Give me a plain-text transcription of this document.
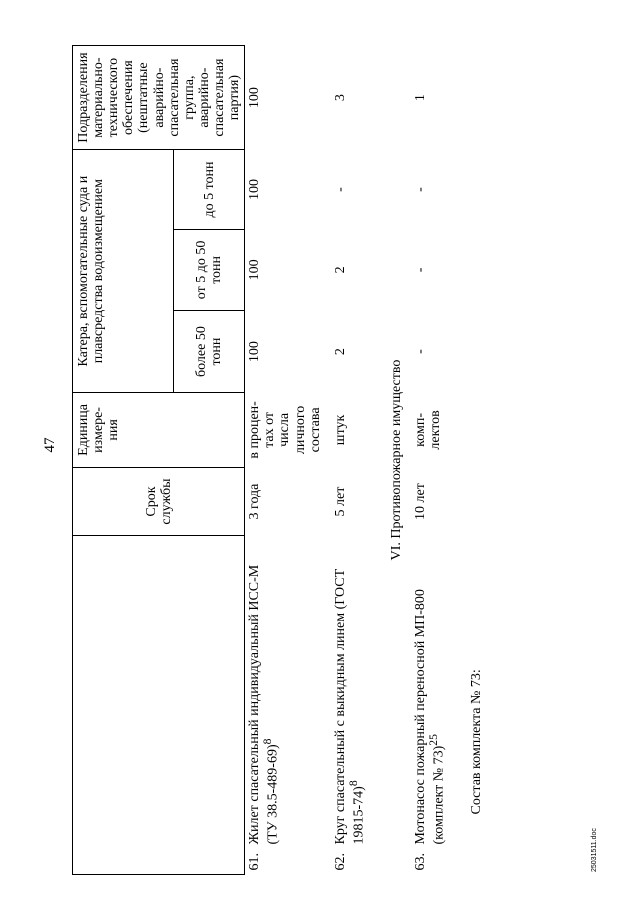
47
	Срок службы	Единица измере-ния	Катера, вспомогательные суда и плавсредства водоизмещением			Подразделения материально-технического обеспечения (нештатные аварийно-спасательная группа, аварийно-спасательная партия)
			более 50 тонн	от 5 до 50 тонн	до 5 тонн	

61.
Жилет спасательный индивидуальный ИСС-М (ТУ 38.5-489-69)$^8$	3 года	в процен-тах от числа личного состава	100	100	100	100

62.
Круг спасательный с выкидным линем (ГОСТ 19815-74)$^8$	5 лет	штук	2	2	-	3
VI. Противопожарное имущество						

63.
Мотонасос пожарный переносной МП-800 (комплект № 73)$^{25}$	10 лет	комп-лектов	-	-	-	1
Состав комплекта № 73:						
25031511.doc
